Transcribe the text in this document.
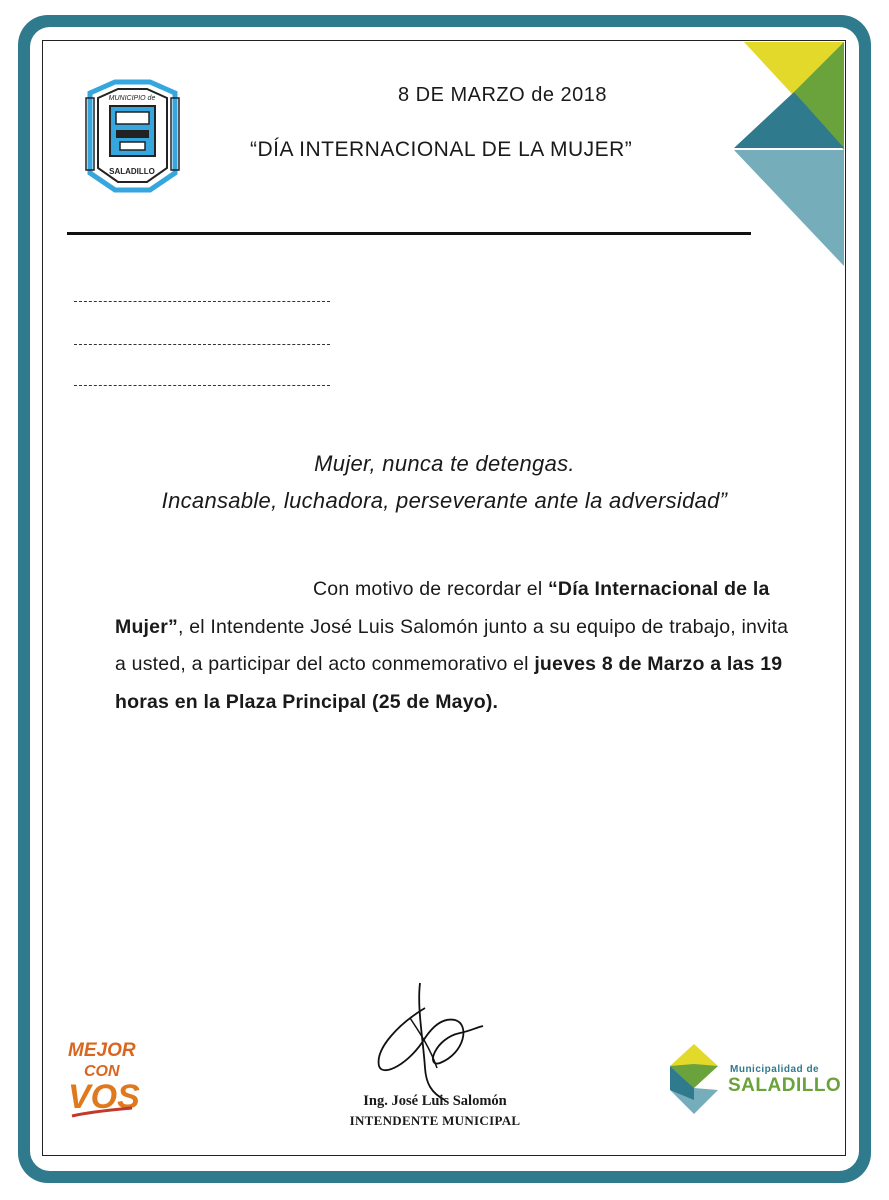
MUNICIPIO de
SALADILLO
8 DE MARZO de 2018
“DÍA INTERNACIONAL DE LA MUJER”
Mujer, nunca te detengas.
Incansable, luchadora, perseverante ante la adversidad”
Con motivo de recordar el “Día Internacional de la Mujer”, el Intendente José Luis Salomón junto a su equipo de trabajo, invita a usted, a participar del acto conmemorativo el jueves 8 de Marzo a las 19 horas en la Plaza Principal (25 de Mayo).
Ing. José Luis Salomón
INTENDENTE MUNICIPAL
MEJOR
CON
VOS
Municipalidad de
SALADILLO
